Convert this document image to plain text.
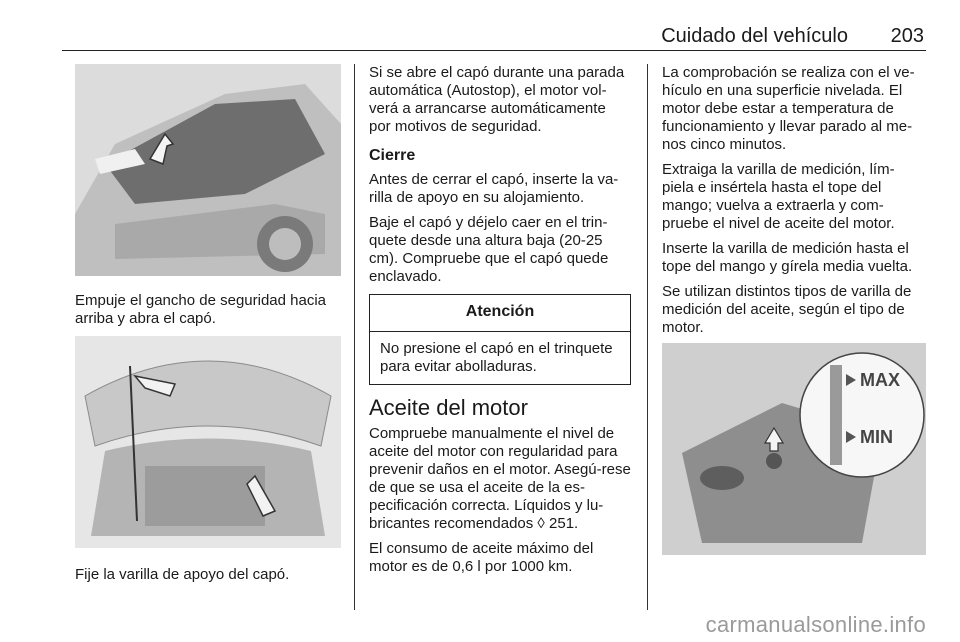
Cuidado del vehículo 203

Empuje el gancho de seguridad hacia arriba y abra el capó.

Fije la varilla de apoyo del capó.

Si se abre el capó durante una parada automática (Autostop), el motor vol-verá a arrancarse automáticamente por motivos de seguridad.

Cierre

Antes de cerrar el capó, inserte la va-rilla de apoyo en su alojamiento.

Baje el capó y déjelo caer en el trin-quete desde una altura baja (20-25 cm). Compruebe que el capó quede enclavado.

Atención
No presione el capó en el trinquete para evitar abolladuras.
Aceite del motor

Compruebe manualmente el nivel de aceite del motor con regularidad para prevenir daños en el motor. Asegú-rese de que se usa el aceite de la es-pecificación correcta. Líquidos y lu-bricantes recomendados ◊ 251.

El consumo de aceite máximo del motor es de 0,6 l por 1000 km.

La comprobación se realiza con el ve-hículo en una superficie nivelada. El motor debe estar a temperatura de funcionamiento y llevar parado al me-nos cinco minutos.

Extraiga la varilla de medición, lím-piela e insértela hasta el tope del mango; vuelva a extraerla y com-pruebe el nivel de aceite del motor.

Inserte la varilla de medición hasta el tope del mango y gírela media vuelta.

Se utilizan distintos tipos de varilla de medición del aceite, según el tipo de motor.

MAX
MIN
carmanualsonline.info
